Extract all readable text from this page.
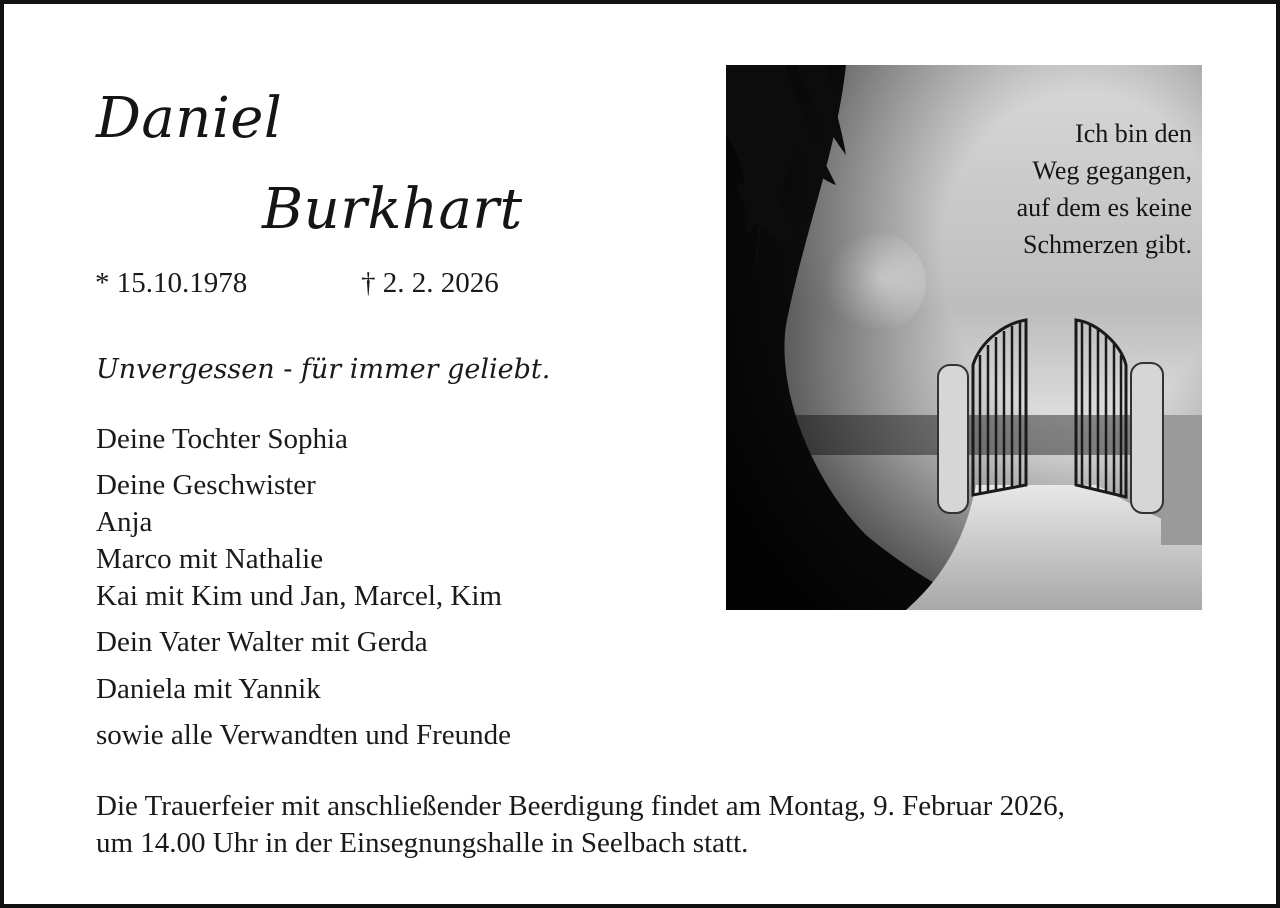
Daniel
Burkhart
* 15.10.1978	† 2. 2. 2026
Unvergessen - für immer geliebt.
Deine Tochter Sophia
Deine Geschwister
Anja
Marco mit Nathalie
Kai mit Kim und Jan, Marcel, Kim
Dein Vater Walter mit Gerda
Daniela mit Yannik
sowie alle Verwandten und Freunde
Die Trauerfeier mit anschließender Beerdigung findet am Montag, 9. Februar 2026,
um 14.00 Uhr in der Einsegnungshalle in Seelbach statt.
Ich bin den
Weg gegangen,
auf dem es keine
Schmerzen gibt.
